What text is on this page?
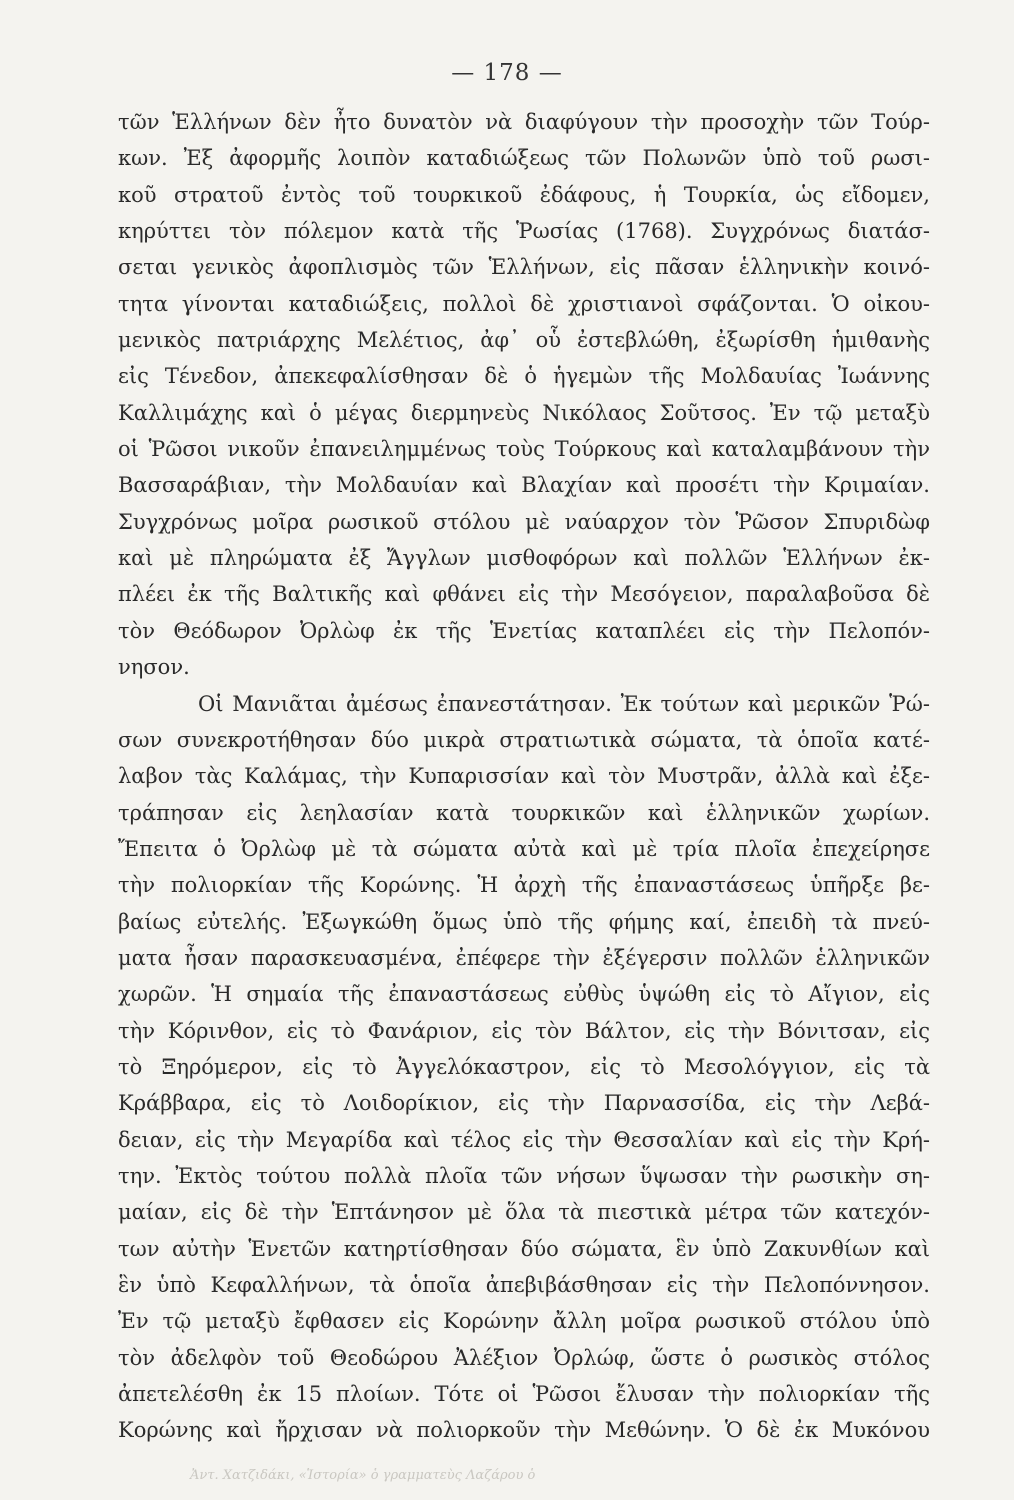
— 178 —
τῶν Ἑλλήνων δὲν ἦτο δυνατὸν νὰ διαφύγουν τὴν προσοχὴν τῶν Τούρ-
κων. Ἐξ ἀφορμῆς λοιπὸν καταδιώξεως τῶν Πολωνῶν ὑπὸ τοῦ ρωσι-
κοῦ στρατοῦ ἐντὸς τοῦ τουρκικοῦ ἐδάφους, ἡ Τουρκία, ὡς εἴδομεν,
κηρύττει τὸν πόλεμον κατὰ τῆς Ῥωσίας (1768). Συγχρόνως διατάσ-
σεται γενικὸς ἀφοπλισμὸς τῶν Ἑλλήνων, εἰς πᾶσαν ἑλληνικὴν κοινό-
τητα γίνονται καταδιώξεις, πολλοὶ δὲ χριστιανοὶ σφάζονται. Ὁ οἰκου-
μενικὸς πατριάρχης Μελέτιος, ἀφ᾽ οὗ ἐστεβλώθη, ἐξωρίσθη ἡμιθανὴς
εἰς Τένεδον, ἀπεκεφαλίσθησαν δὲ ὁ ἡγεμὼν τῆς Μολδαυίας Ἰωάννης
Καλλιμάχης καὶ ὁ μέγας διερμηνεὺς Νικόλαος Σοῦτσος. Ἐν τῷ μεταξὺ
οἱ Ῥῶσοι νικοῦν ἐπανειλημμένως τοὺς Τούρκους καὶ καταλαμβάνουν τὴν
Βασσαράβιαν, τὴν Μολδαυίαν καὶ Βλαχίαν καὶ προσέτι τὴν Κριμαίαν.
Συγχρόνως μοῖρα ρωσικοῦ στόλου μὲ ναύαρχον τὸν Ῥῶσον Σπυριδὼφ
καὶ μὲ πληρώματα ἐξ Ἄγγλων μισθοφόρων καὶ πολλῶν Ἑλλήνων ἐκ-
πλέει ἐκ τῆς Βαλτικῆς καὶ φθάνει εἰς τὴν Μεσόγειον, παραλαβοῦσα δὲ
τὸν Θεόδωρον Ὀρλὼφ ἐκ τῆς Ἑνετίας καταπλέει εἰς τὴν Πελοπόν-
νησον.
Οἱ Μανιᾶται ἀμέσως ἐπανεστάτησαν. Ἐκ τούτων καὶ μερικῶν Ῥώ-
σων συνεκροτήθησαν δύο μικρὰ στρατιωτικὰ σώματα, τὰ ὁποῖα κατέ-
λαβον τὰς Καλάμας, τὴν Κυπαρισσίαν καὶ τὸν Μυστρᾶν, ἀλλὰ καὶ ἐξε-
τράπησαν εἰς λεηλασίαν κατὰ τουρκικῶν καὶ ἑλληνικῶν χωρίων.
Ἔπειτα ὁ Ὀρλὼφ μὲ τὰ σώματα αὐτὰ καὶ μὲ τρία πλοῖα ἐπεχείρησε
τὴν πολιορκίαν τῆς Κορώνης. Ἡ ἀρχὴ τῆς ἐπαναστάσεως ὑπῆρξε βε-
βαίως εὐτελής. Ἐξωγκώθη ὅμως ὑπὸ τῆς φήμης καί, ἐπειδὴ τὰ πνεύ-
ματα ἦσαν παρασκευασμένα, ἐπέφερε τὴν ἐξέγερσιν πολλῶν ἑλληνικῶν
χωρῶν. Ἡ σημαία τῆς ἐπαναστάσεως εὐθὺς ὑψώθη εἰς τὸ Αἴγιον, εἰς
τὴν Κόρινθον, εἰς τὸ Φανάριον, εἰς τὸν Βάλτον, εἰς τὴν Βόνιτσαν, εἰς
τὸ Ξηρόμερον, εἰς τὸ Ἀγγελόκαστρον, εἰς τὸ Μεσολόγγιον, εἰς τὰ
Κράββαρα, εἰς τὸ Λοιδορίκιον, εἰς τὴν Παρνασσίδα, εἰς τὴν Λεβά-
δειαν, εἰς τὴν Μεγαρίδα καὶ τέλος εἰς τὴν Θεσσαλίαν καὶ εἰς τὴν Κρή-
την. Ἐκτὸς τούτου πολλὰ πλοῖα τῶν νήσων ὕψωσαν τὴν ρωσικὴν ση-
μαίαν, εἰς δὲ τὴν Ἑπτάνησον μὲ ὅλα τὰ πιεστικὰ μέτρα τῶν κατεχόν-
των αὐτὴν Ἑνετῶν κατηρτίσθησαν δύο σώματα, ἓν ὑπὸ Ζακυνθίων καὶ
ἓν ὑπὸ Κεφαλλήνων, τὰ ὁποῖα ἀπεβιβάσθησαν εἰς τὴν Πελοπόννησον.
Ἐν τῷ μεταξὺ ἔφθασεν εἰς Κορώνην ἄλλη μοῖρα ρωσικοῦ στόλου ὑπὸ
τὸν ἀδελφὸν τοῦ Θεοδώρου Ἀλέξιον Ὀρλώφ, ὥστε ὁ ρωσικὸς στόλος
ἀπετελέσθη ἐκ 15 πλοίων. Τότε οἱ Ῥῶσοι ἔλυσαν τὴν πολιορκίαν τῆς
Κορώνης καὶ ἤρχισαν νὰ πολιορκοῦν τὴν Μεθώνην. Ὁ δὲ ἐκ Μυκόνου
Ἀντ. Χατζιδάκι, «Ἱστορία» ὁ γραμματεὺς Λαζάρου ὁ
